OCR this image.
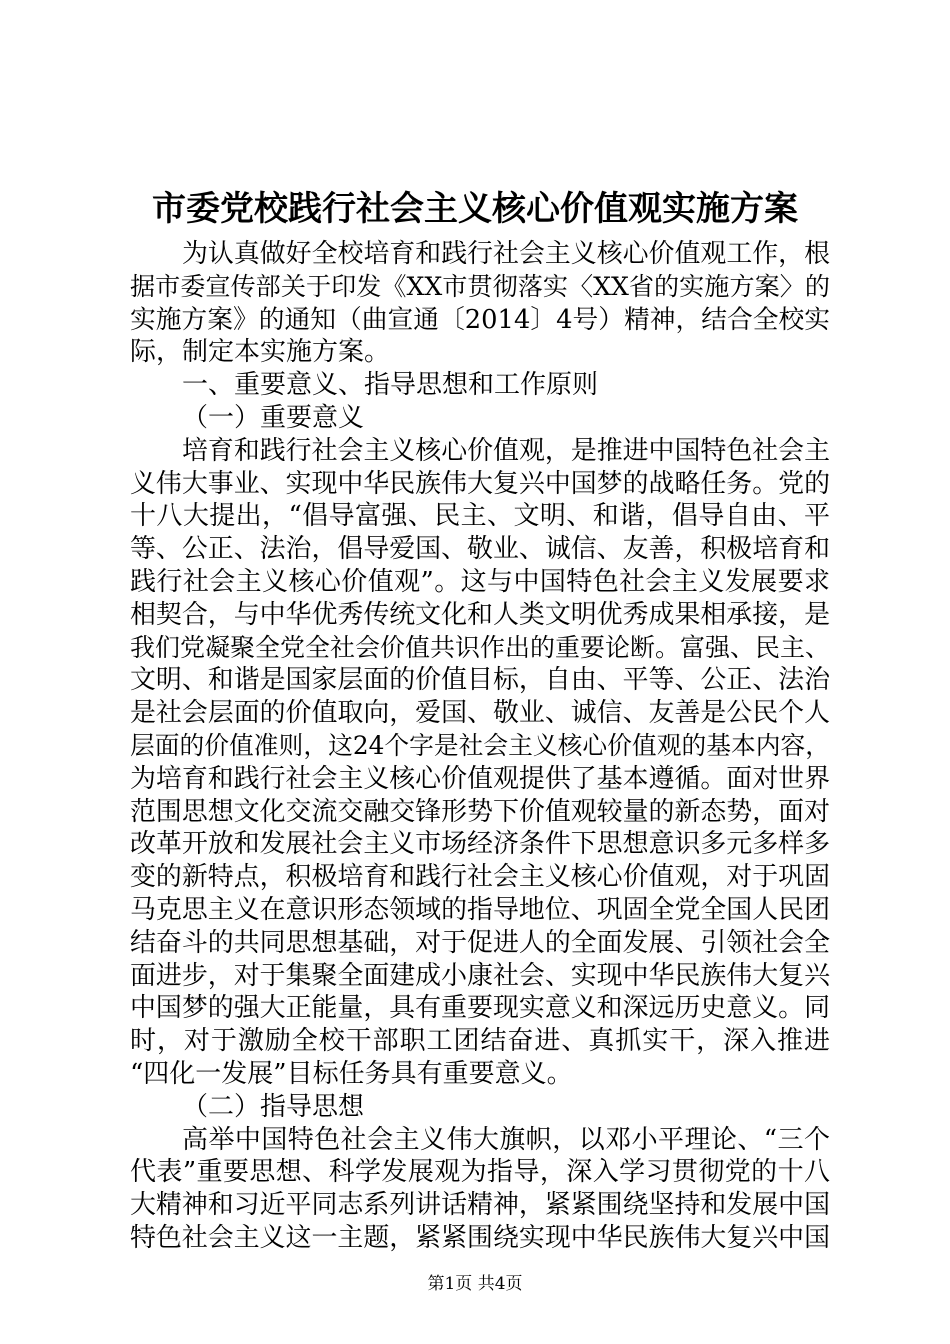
市委党校践行社会主义核心价值观实施方案
为认真做好全校培育和践行社会主义核心价值观工作，根
据市委宣传部关于印发《XX市贯彻落实〈XX省的实施方案〉的
实施方案》的通知（曲宣通〔2014〕4号）精神，结合全校实
际，制定本实施方案。
一、重要意义、指导思想和工作原则
（一）重要意义
培育和践行社会主义核心价值观，是推进中国特色社会主
义伟大事业、实现中华民族伟大复兴中国梦的战略任务。党的
十八大提出，“倡导富强、民主、文明、和谐，倡导自由、平
等、公正、法治，倡导爱国、敬业、诚信、友善，积极培育和
践行社会主义核心价值观”。这与中国特色社会主义发展要求
相契合，与中华优秀传统文化和人类文明优秀成果相承接，是
我们党凝聚全党全社会价值共识作出的重要论断。富强、民主、
文明、和谐是国家层面的价值目标，自由、平等、公正、法治
是社会层面的价值取向，爱国、敬业、诚信、友善是公民个人
层面的价值准则，这24个字是社会主义核心价值观的基本内容，
为培育和践行社会主义核心价值观提供了基本遵循。面对世界
范围思想文化交流交融交锋形势下价值观较量的新态势，面对
改革开放和发展社会主义市场经济条件下思想意识多元多样多
变的新特点，积极培育和践行社会主义核心价值观，对于巩固
马克思主义在意识形态领域的指导地位、巩固全党全国人民团
结奋斗的共同思想基础，对于促进人的全面发展、引领社会全
面进步，对于集聚全面建成小康社会、实现中华民族伟大复兴
中国梦的强大正能量，具有重要现实意义和深远历史意义。同
时，对于激励全校干部职工团结奋进、真抓实干，深入推进
“四化一发展”目标任务具有重要意义。
（二）指导思想
高举中国特色社会主义伟大旗帜，以邓小平理论、“三个
代表”重要思想、科学发展观为指导，深入学习贯彻党的十八
大精神和习近平同志系列讲话精神，紧紧围绕坚持和发展中国
特色社会主义这一主题，紧紧围绕实现中华民族伟大复兴中国
第1页 共4页
